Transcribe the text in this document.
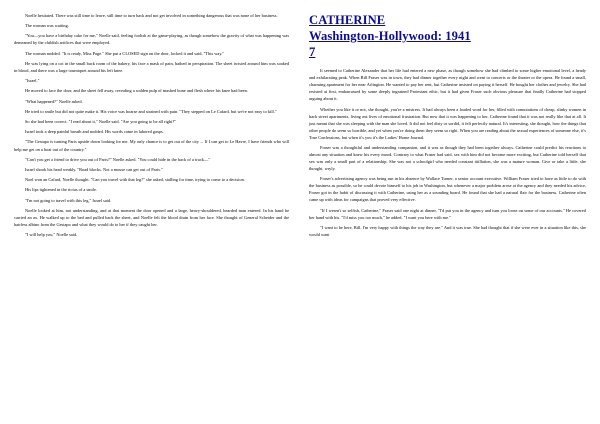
Noelle hesitated. There was still time to leave, still time to turn back and not get involved in something dangerous that was none of her business.

The woman was waiting.

"You—you have a birthday cake for me," Noelle said, feeling foolish at the game-playing, as though somehow the gravity of what was happening was demeaned by the childish artifices that were employed.

The woman nodded. "It is ready, Miss Page." She put a CLOSED sign on the door, locked it and said, "This way."

He was lying on a cot in the small back room of the bakery, his face a mask of pain, bathed in perspiration. The sheet twisted around him was soaked in blood, and there was a large tourniquet around his left knee.

"Israel."

He moved to face the door, and the sheet fell away, revealing a sodden pulp of mashed bone and flesh where his knee had been.

"What happened?" Noelle asked.

He tried to smile but did not quite make it. His voice was hoarse and strained with pain. "They stepped on Le Cafard, but we're not easy to kill."

So she had been correct. "I read about it," Noelle said. "Are you going to be all right?"

Israel took a deep painful breath and nodded. His words came in labored gasps.

"The Gestapo is turning Paris upside down looking for me. My only chance is to get out of the city ... If I can get to Le Havre, I have friends who will help me get on a boat out of the country."

"Can't you get a friend to drive you out of Paris?" Noelle asked. "You could hide in the back of a truck—"

Israel shook his head weakly. "Road blocks. Not a mouse can get out of Paris."

Noel won an Cafard, Noelle thought. "Can you travel with that leg?" she asked, stalling for time, trying to come to a decision.

His lips tightened in the rictus of a smile.

"I'm not going to travel with this leg," Israel said.

Noelle looked at him, not understanding, and at that moment the door opened and a large, heavy-shouldered, bearded man entered. In his hand he carried an ax. He walked up to the bed and pulled back the sheet, and Noelle felt the blood drain from her face. She thought of General Scheider and the hairless albino from the Gestapo and what they would do to her if they caught her.

"I will help you," Noelle said.

CATHERINE
Washington-Hollywood: 1941
7

It seemed to Catherine Alexander that her life had entered a new phase, as though somehow she had climbed to some higher emotional level, a heady and exhilarating peak. When Bill Fraser was in town, they had dinner together every night and went to concerts or the theater or the opera. He found a small, charming apartment for her near Arlington. He wanted to pay her rent, but Catherine insisted on paying it herself. He bought her clothes and jewelry. She had resisted at first, embarrassed by some deeply ingrained Protestant ethic, but it had given Fraser such obvious pleasure that finally Catherine had stopped arguing about it.

Whether you like it or not, she thought, you're a mistress. It had always been a loaded word for her, filled with connotations of cheap, slinky women in back street apartments, living out lives of emotional frustration. But now that it was happening to her, Catherine found that it was not really like that at all. It just meant that she was sleeping with the man she loved. It did not feel dirty or sordid, it felt perfectly natural. It's interesting, she thought, how the things that other people do seem so horrible, and yet when you're doing them they seem so right. When you are reading about the sexual experiences of someone else, it's True Confessions, but when it's you it's the Ladies' Home Journal.

Fraser was a thoughtful and understanding companion, and it was as though they had been together always. Catherine could predict his reactions to almost any situation and knew his every mood. Contrary to what Fraser had said, sex with him did not become more exciting, but Catherine told herself that sex was only a small part of a relationship. She was not a schoolgirl who needed constant titillation, she was a mature woman. Give or take a little, she thought, wryly.

Fraser's advertising agency was being run in his absence by Wallace Turner, a senior account executive. William Fraser tried to have as little to do with the business as possible, so he could devote himself to his job in Washington, but whenever a major problem arose at the agency and they needed his advice, Fraser got in the habit of discussing it with Catherine, using her as a sounding board. He found that she had a natural flair for the business. Catherine often came up with ideas for campaigns that proved very effective.

"If I weren't so selfish, Catherine," Fraser said one night at dinner, "I'd put you in the agency and turn you loose on some of our accounts." He covered her hand with his. "I'd miss you too much," he added. "I want you here with me."

"I want to be here, Bill. I'm very happy with things the way they are." And it was true. She had thought that if she were ever in a situation like this, she would want
